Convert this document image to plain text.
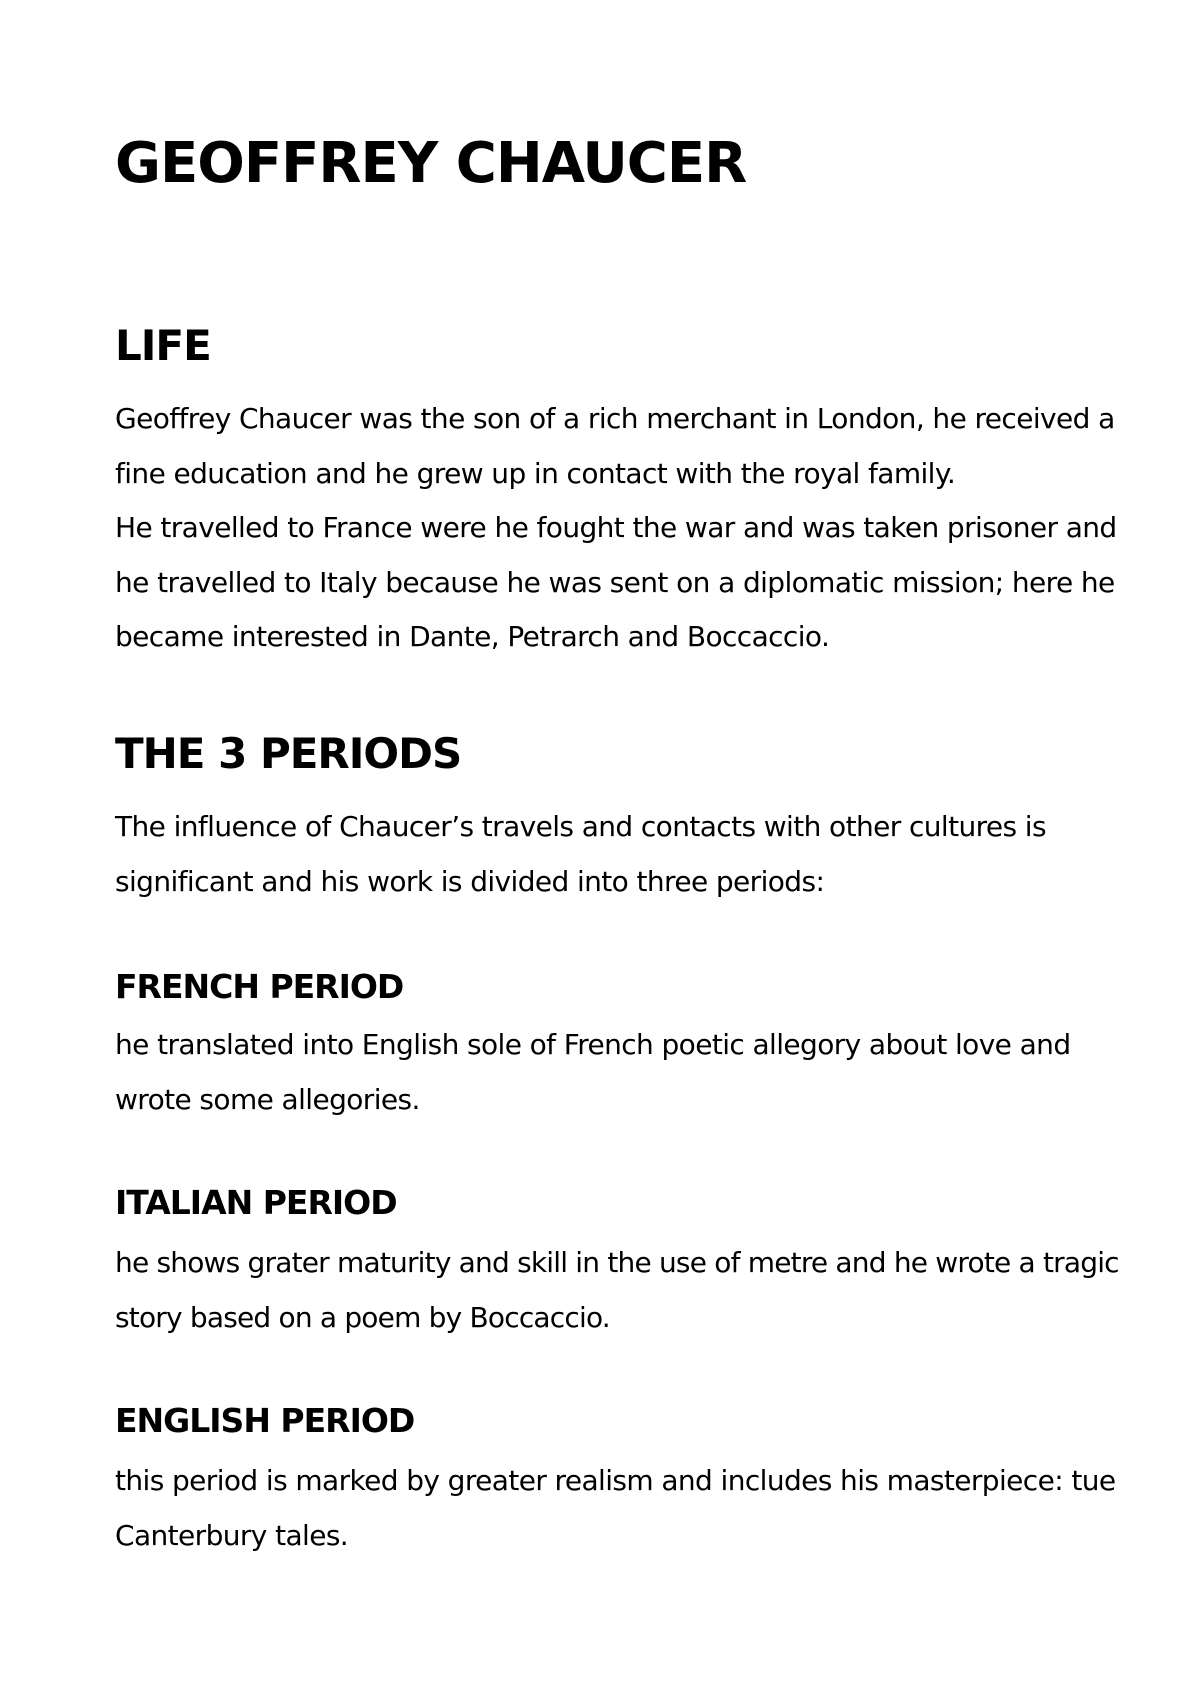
GEOFFREY CHAUCER
LIFE
Geoffrey Chaucer was the son of a rich merchant in London, he received a
fine education and he grew up in contact with the royal family.
He travelled to France were he fought the war and was taken prisoner and
he travelled to Italy because he was sent on a diplomatic mission; here he
became interested in Dante, Petrarch and Boccaccio.
THE 3 PERIODS
The influence of Chaucer’s travels and contacts with other cultures is
significant and his work is divided into three periods:
FRENCH PERIOD
he translated into English sole of French poetic allegory about love and
wrote some allegories.
ITALIAN PERIOD
he shows grater maturity and skill in the use of metre and he wrote a tragic
story based on a poem by Boccaccio.
ENGLISH PERIOD
this period is marked by greater realism and includes his masterpiece: tue
Canterbury tales.
